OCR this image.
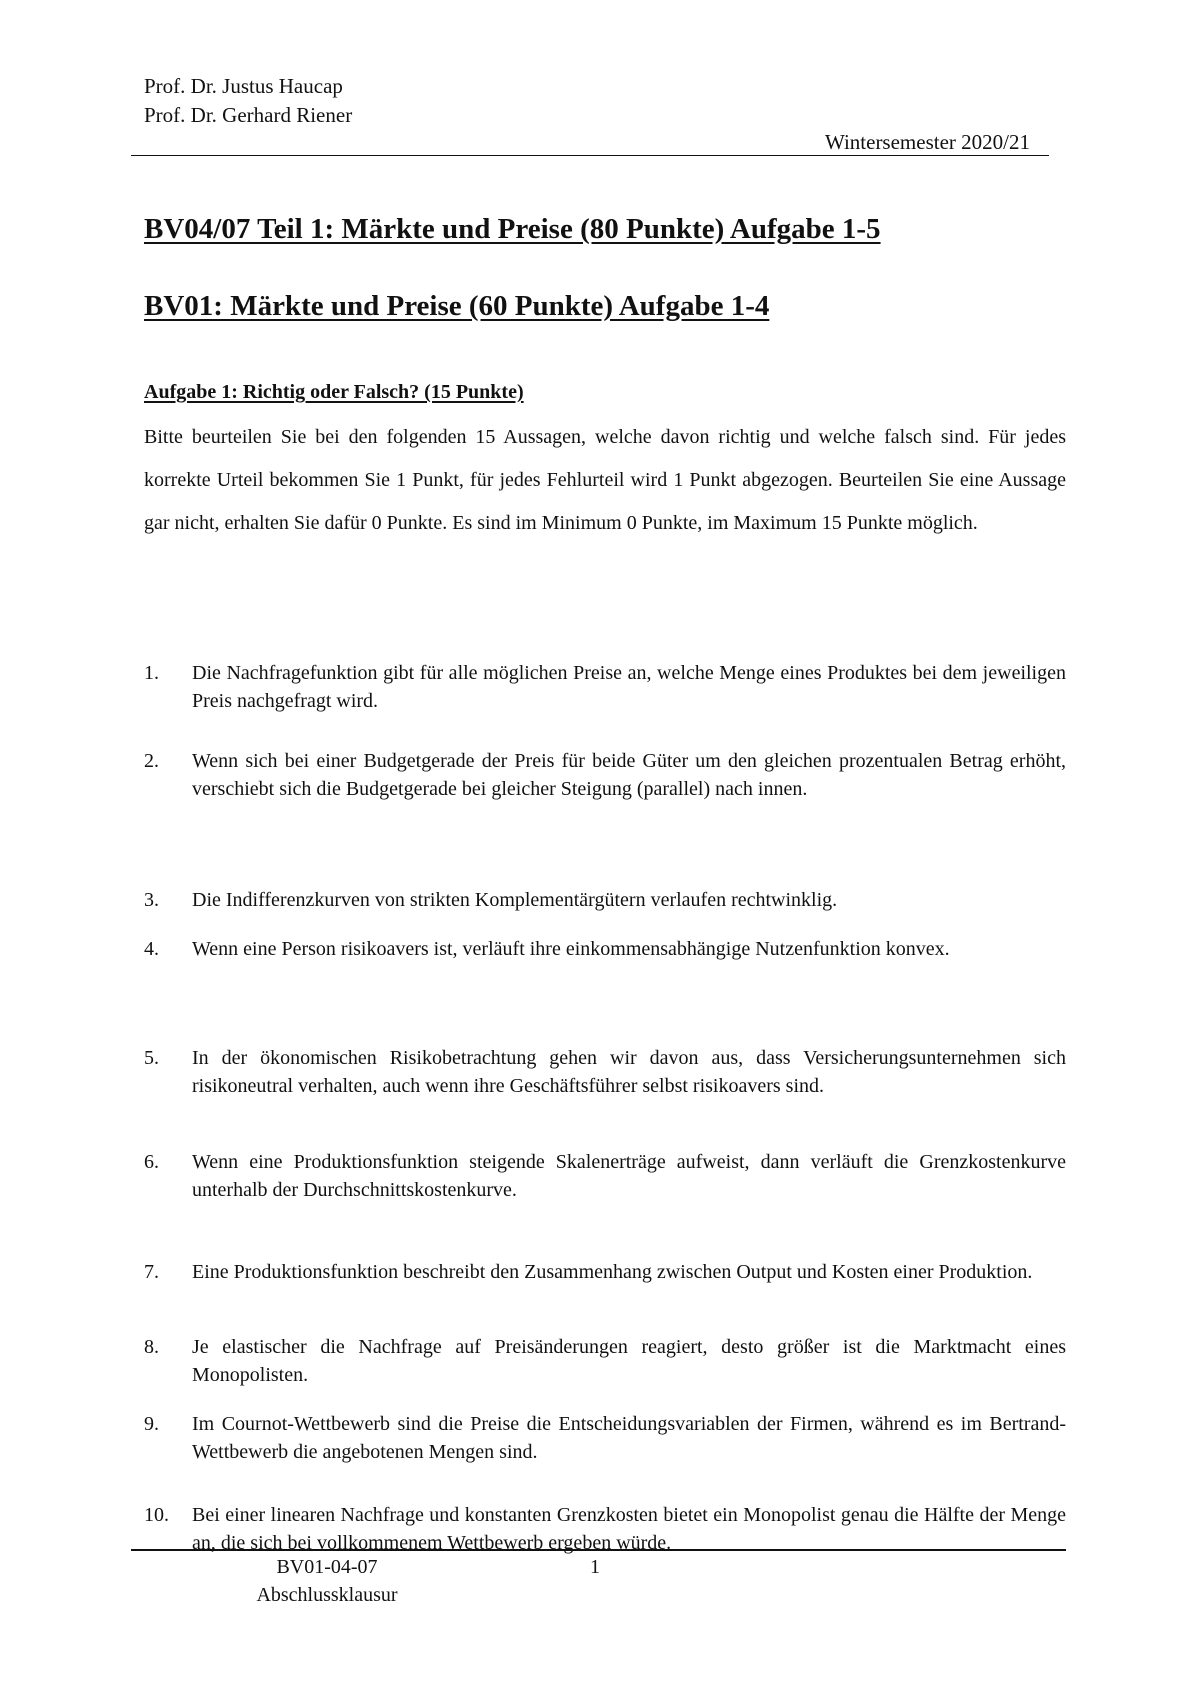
Prof. Dr. Justus Haucap
Prof. Dr. Gerhard Riener
Wintersemester 2020/21
BV04/07 Teil 1: Märkte und Preise (80 Punkte) Aufgabe 1-5
BV01: Märkte und Preise (60 Punkte) Aufgabe 1-4
Aufgabe 1: Richtig oder Falsch? (15 Punkte)
Bitte beurteilen Sie bei den folgenden 15 Aussagen, welche davon richtig und welche falsch sind. Für jedes korrekte Urteil bekommen Sie 1 Punkt, für jedes Fehlurteil wird 1 Punkt abgezogen. Beurteilen Sie eine Aussage gar nicht, erhalten Sie dafür 0 Punkte. Es sind im Minimum 0 Punkte, im Maximum 15 Punkte möglich.
1.	Die Nachfragefunktion gibt für alle möglichen Preise an, welche Menge eines Produktes bei dem jeweiligen Preis nachgefragt wird.
2.	Wenn sich bei einer Budgetgerade der Preis für beide Güter um den gleichen prozentualen Betrag erhöht, verschiebt sich die Budgetgerade bei gleicher Steigung (parallel) nach innen.
3.	Die Indifferenzkurven von strikten Komplementärgütern verlaufen rechtwinklig.
4.	Wenn eine Person risikoavers ist, verläuft ihre einkommensabhängige Nutzenfunktion konvex.
5.	In der ökonomischen Risikobetrachtung gehen wir davon aus, dass Versicherungsunternehmen sich risikoneutral verhalten, auch wenn ihre Geschäftsführer selbst risikoavers sind.
6.	Wenn eine Produktionsfunktion steigende Skalenerträge aufweist, dann verläuft die Grenzkostenkurve unterhalb der Durchschnittskostenkurve.
7.	Eine Produktionsfunktion beschreibt den Zusammenhang zwischen Output und Kosten einer Produktion.
8.	Je elastischer die Nachfrage auf Preisänderungen reagiert, desto größer ist die Marktmacht eines Monopolisten.
9.	Im Cournot-Wettbewerb sind die Preise die Entscheidungsvariablen der Firmen, während es im Bertrand-Wettbewerb die angebotenen Mengen sind.
10.	Bei einer linearen Nachfrage und konstanten Grenzkosten bietet ein Monopolist genau die Hälfte der Menge an, die sich bei vollkommenem Wettbewerb ergeben würde.
BV01-04-07
Abschlussklausur
1
